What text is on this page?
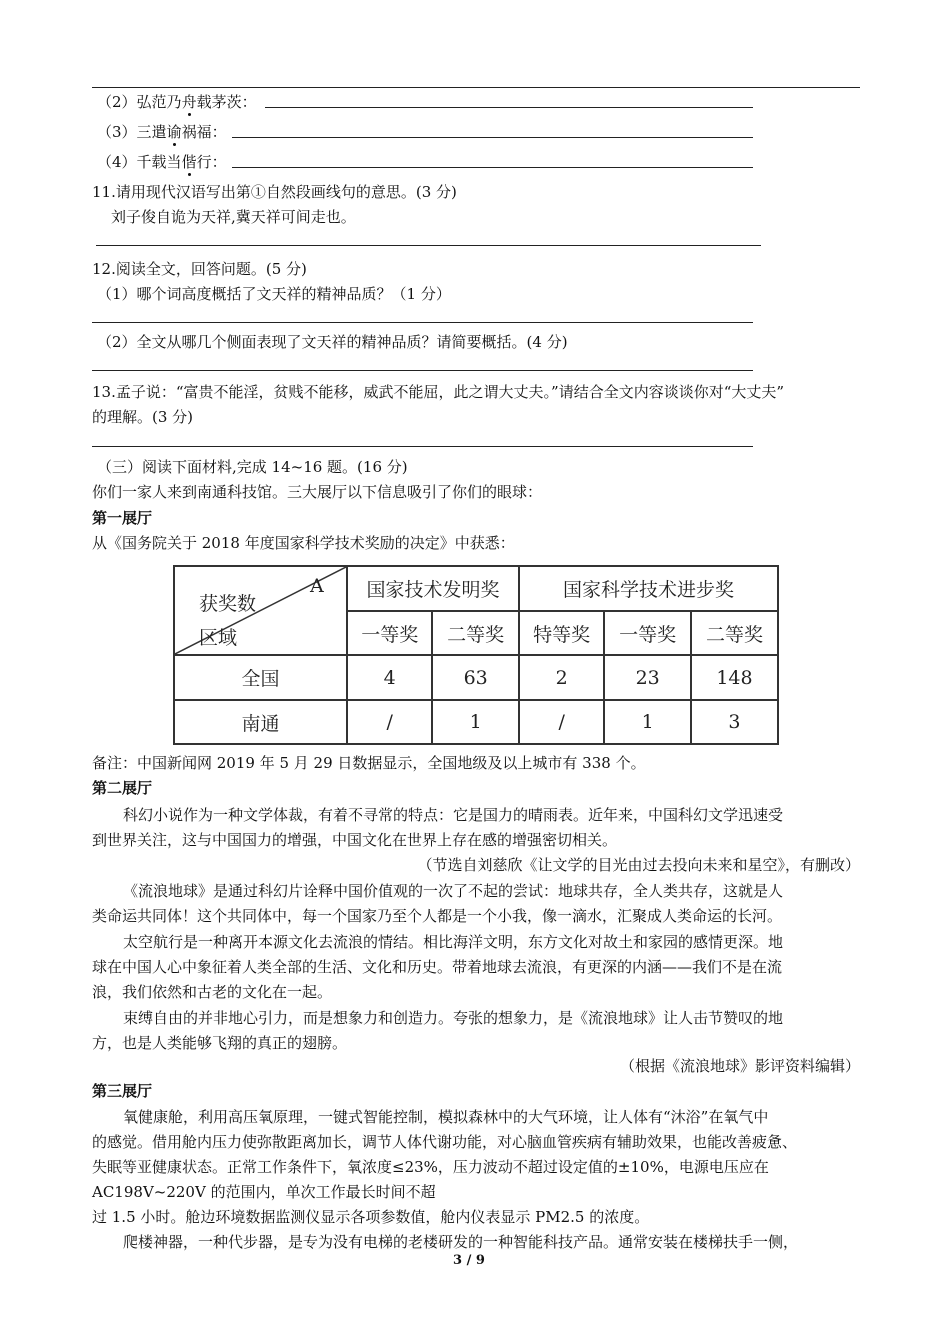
（2）弘范乃舟载茅茨：
（3）三遣谕祸福：
（4）千载当偕行：
11.请用现代汉语写出第①自然段画线句的意思。(3 分)
刘子俊自诡为天祥,冀天祥可间走也。
12.阅读全文，回答问题。(5 分)
（1）哪个词高度概括了文天祥的精神品质？（1 分）
（2）全文从哪几个侧面表现了文天祥的精神品质？请简要概括。(4 分)
13.孟子说：“富贵不能淫，贫贱不能移，威武不能屈，此之谓大丈夫。”请结合全文内容谈谈你对“大丈夫”
的理解。(3 分)
（三）阅读下面材料,完成 14~16 题。(16 分)
你们一家人来到南通科技馆。三大展厅以下信息吸引了你们的眼球：
第一展厅
从《国务院关于 2018 年度国家科学技术奖励的决定》中获悉：
A
获奖数
区域	国家技术发明奖		国家科学技术进步奖		
	一等奖	二等奖	特等奖	一等奖	二等奖
全国	4	63	2	23	148
南通	/	1	/	1	3
备注：中国新闻网 2019 年 5 月 29 日数据显示，全国地级及以上城市有 338 个。
第二展厅
科幻小说作为一种文学体裁，有着不寻常的特点：它是国力的晴雨表。近年来，中国科幻文学迅速受
到世界关注，这与中国国力的增强，中国文化在世界上存在感的增强密切相关。
（节选自刘慈欣《让文学的目光由过去投向未来和星空》，有删改）
《流浪地球》是通过科幻片诠释中国价值观的一次了不起的尝试：地球共存，全人类共存，这就是人
类命运共同体！这个共同体中，每一个国家乃至个人都是一个小我，像一滴水，汇聚成人类命运的长河。
太空航行是一种离开本源文化去流浪的情结。相比海洋文明，东方文化对故土和家园的感情更深。地
球在中国人心中象征着人类全部的生活、文化和历史。带着地球去流浪，有更深的内涵——我们不是在流
浪，我们依然和古老的文化在一起。
束缚自由的并非地心引力，而是想象力和创造力。夸张的想象力，是《流浪地球》让人击节赞叹的地
方，也是人类能够飞翔的真正的翅膀。
（根据《流浪地球》影评资料编辑）
第三展厅
氧健康舱，利用高压氧原理，一键式智能控制，模拟森林中的大气环境，让人体有“沐浴”在氧气中
的感觉。借用舱内压力使弥散距离加长，调节人体代谢功能，对心脑血管疾病有辅助效果，也能改善疲惫、
失眠等亚健康状态。正常工作条件下，氧浓度≤23%，压力波动不超过设定值的±10%，电源电压应在
AC198V~220V 的范围内，单次工作最长时间不超
过 1.5 小时。舱边环境数据监测仪显示各项参数值，舱内仪表显示 PM2.5 的浓度。
爬楼神器，一种代步器，是专为没有电梯的老楼研发的一种智能科技产品。通常安装在楼梯扶手一侧，
3 / 9
